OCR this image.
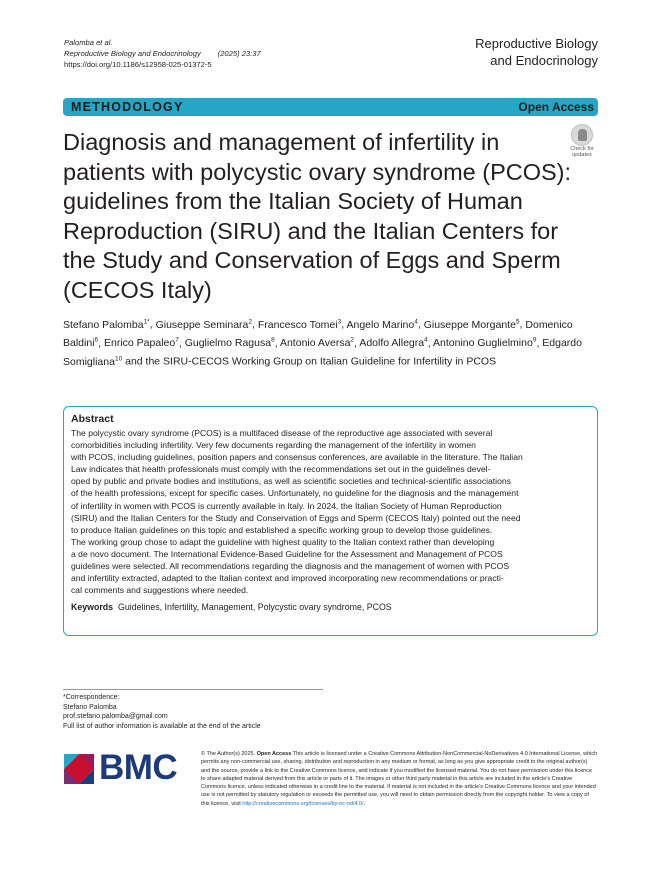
Palomba et al.
Reproductive Biology and Endocrinology (2025) 23:37
https://doi.org/10.1186/s12958-025-01372-5
Reproductive Biology
and Endocrinology
METHODOLOGY	Open Access
Check for
updates
Diagnosis and management of infertility in patients with polycystic ovary syndrome (PCOS): guidelines from the Italian Society of Human Reproduction (SIRU) and the Italian Centers for the Study and Conservation of Eggs and Sperm (CECOS Italy)
Stefano Palomba$^{1*}$, Giuseppe Seminara$^2$, Francesco Tomei$^3$, Angelo Marino$^4$, Giuseppe Morgante$^5$, Domenico Baldini$^6$, Enrico Papaleo$^7$, Guglielmo Ragusa$^8$, Antonio Aversa$^2$, Adolfo Allegra$^4$, Antonino Guglielmino$^9$, Edgardo Somigliana$^{10}$ and the SIRU-CECOS Working Group on Italian Guideline for Infertility in PCOS
Abstract
The polycystic ovary syndrome (PCOS) is a multifaced disease of the reproductive age associated with several
comorbidities including infertility. Very few documents regarding the management of the infertility in women
with PCOS, including guidelines, position papers and consensus conferences, are available in the literature. The Italian
Law indicates that health professionals must comply with the recommendations set out in the guidelines devel-
oped by public and private bodies and institutions, as well as scientific societies and technical-scientific associations
of the health professions, except for specific cases. Unfortunately, no guideline for the diagnosis and the management
of infertility in women with PCOS is currently available in Italy. In 2024, the Italian Society of Human Reproduction
(SIRU) and the Italian Centers for the Study and Conservation of Eggs and Sperm (CECOS Italy) pointed out the need
to produce Italian guidelines on this topic and established a specific working group to develop those guidelines.
The working group chose to adapt the guideline with highest quality to the Italian context rather than developing
a de novo document. The International Evidence-Based Guideline for the Assessment and Management of PCOS
guidelines were selected. All recommendations regarding the diagnosis and the management of women with PCOS
and infertility extracted, adapted to the Italian context and improved incorporating new recommendations or practi-
cal comments and suggestions where needed.
Keywords Guidelines, Infertility, Management, Polycystic ovary syndrome, PCOS
*Correspondence:
Stefano Palomba
prof.stefano.palomba@gmail.com
Full list of author information is available at the end of the article
BMC	© The Author(s) 2025. Open Access This article is licensed under a Creative Commons Attribution-NonCommercial-NoDerivatives 4.0 International License, which permits any non-commercial use, sharing, distribution and reproduction in any medium or format, as long as you give appropriate credit to the original author(s) and the source, provide a link to the Creative Commons licence, and indicate if you modified the licensed material. You do not have permission under this licence to share adapted material derived from this article or parts of it. The images or other third party material in this article are included in the article's Creative Commons licence, unless indicated otherwise in a credit line to the material. If material is not included in the article's Creative Commons licence and your intended use is not permitted by statutory regulation or exceeds the permitted use, you will need to obtain permission directly from the copyright holder. To view a copy of this licence, visit http://creativecommons.org/licenses/by-nc-nd/4.0/.
